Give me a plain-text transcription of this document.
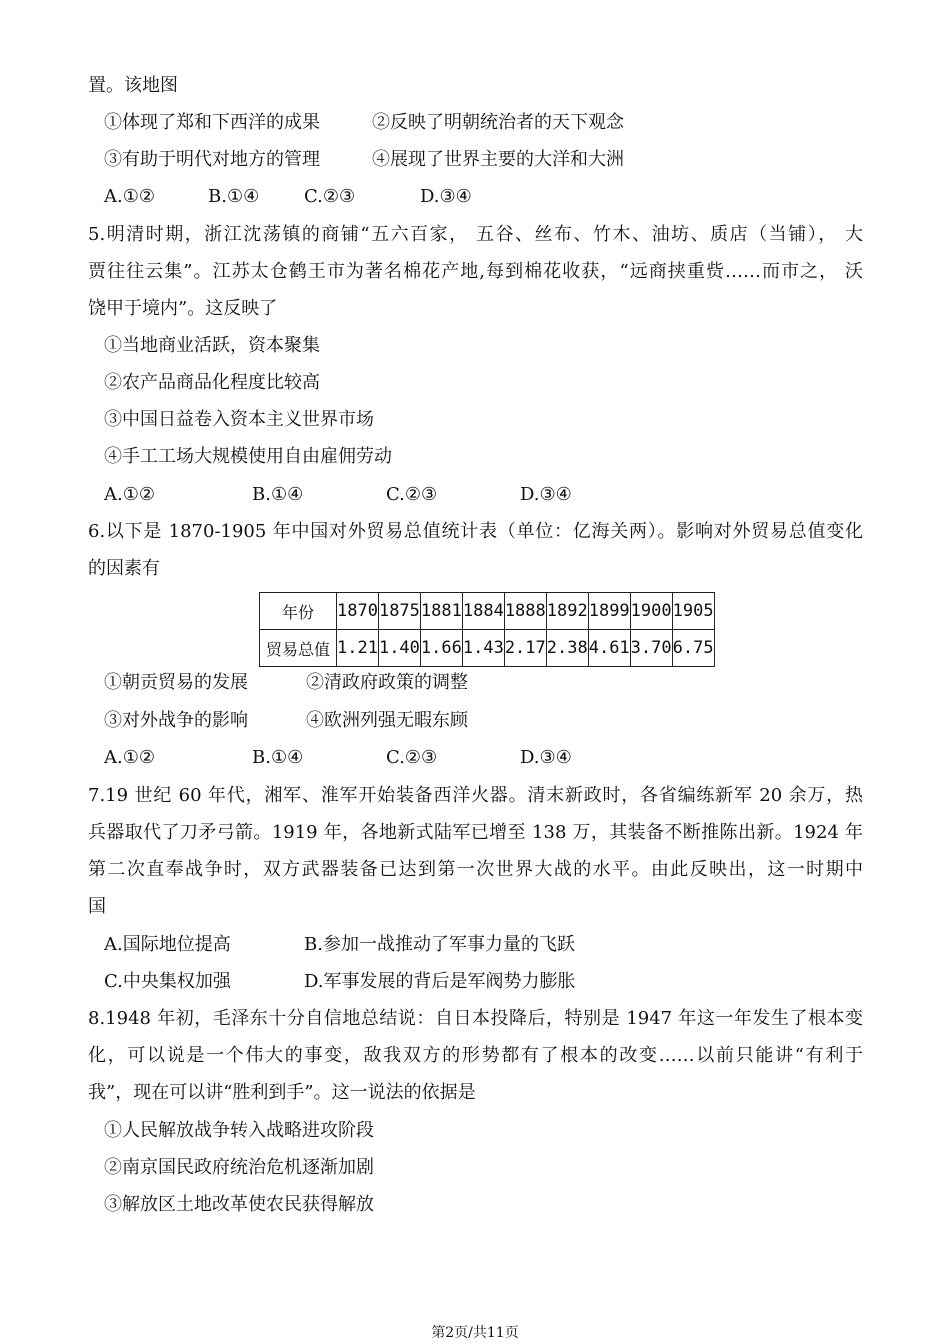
置。该地图
①体现了郑和下西洋的成果	②反映了明朝统治者的天下观念
③有助于明代对地方的管理	④展现了世界主要的大洋和大洲
A.①②	B.①④ C.②③	D.③④
5.明清时期，浙江沈荡镇的商铺“五六百家， 五谷、丝布、竹木、油坊、质店（当铺）， 大
贾往往云集”。江苏太仓鹤王市为著名棉花产地,每到棉花收获，“远商挟重赀……而市之， 沃
饶甲于境内”。这反映了
①当地商业活跃，资本聚集
②农产品商品化程度比较高
③中国日益卷入资本主义世界市场
④手工工场大规模使用自由雇佣劳动
A.①②	B.①④	C.②③	D.③④
6.以下是 1870-1905 年中国对外贸易总值统计表（单位：亿海关两）。影响对外贸易总值变化
的因素有
年份	1870	1875	1881	1884	1888	1892	1899	1900	1905
贸易总值	1.21	1.40	1.66	1.43	2.17	2.38	4.61	3.70	6.75
①朝贡贸易的发展	②清政府政策的调整
③对外战争的影响	④欧洲列强无暇东顾
A.①②	B.①④	C.②③	D.③④
7.19 世纪 60 年代，湘军、淮军开始装备西洋火器。清末新政时，各省编练新军 20 余万，热
兵器取代了刀矛弓箭。1919 年，各地新式陆军已增至 138 万，其装备不断推陈出新。1924 年
第二次直奉战争时，双方武器装备已达到第一次世界大战的水平。由此反映出，这一时期中
国
A.国际地位提高	B.参加一战推动了军事力量的飞跃
C.中央集权加强	D.军事发展的背后是军阀势力膨胀
8.1948 年初，毛泽东十分自信地总结说：自日本投降后，特别是 1947 年这一年发生了根本变
化，可以说是一个伟大的事变，敌我双方的形势都有了根本的改变……以前只能讲“有利于
我”，现在可以讲“胜利到手”。这一说法的依据是
①人民解放战争转入战略进攻阶段
②南京国民政府统治危机逐渐加剧
③解放区土地改革使农民获得解放
第2页/共11页
